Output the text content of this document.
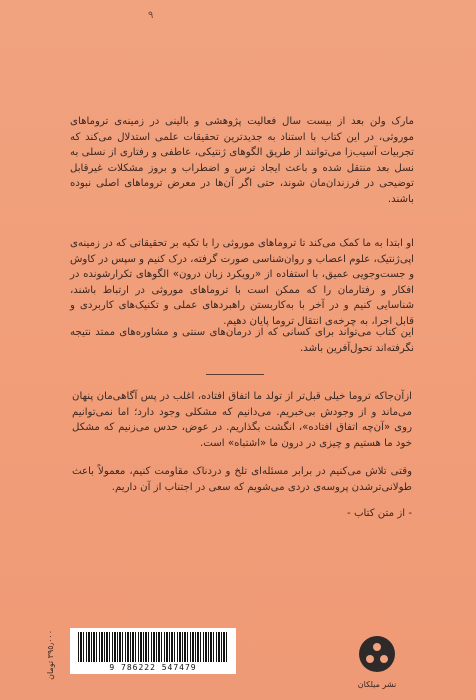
٩
مارک ولن بعد از بیست سال فعالیت پژوهشی و بالینی در زمینه‌ی تروماهای موروثی، در این کتاب با استناد به جدیدترین تحقیقات علمی استدلال می‌کند که تجربیات آسیب‌زا می‌توانند از طریق الگوهای ژنتیکی، عاطفی و رفتاری از نسلی به نسل بعد منتقل شده و باعث ایجاد ترس و اضطراب و بروز مشکلات غیرقابل توضیحی در فرزندان‌مان شوند، حتی اگر آن‌ها در معرض تروماهای اصلی نبوده باشند.
او ابتدا به ما کمک می‌کند تا تروماهای موروثی را با تکیه بر تحقیقاتی که در زمینه‌ی اپی‌ژنتیک، علوم اعصاب و روان‌شناسی صورت گرفته، درک کنیم و سپس در کاوش و جست‌وجویی عمیق، با استفاده از «رویکرد زبان درون» الگوهای تکرارشونده در افکار و رفتارمان را که ممکن است با تروماهای موروثی در ارتباط باشند، شناسایی کنیم و در آخر با به‌کاربستن راهبردهای عملی و تکنیک‌های کاربردی و قابل اجرا، به چرخه‌ی انتقال تروما پایان دهیم.
این کتاب می‌تواند برای کسانی که از درمان‌های سنتی و مشاوره‌های ممتد نتیجه نگرفته‌اند تحول‌آفرین باشد.
ازآن‌جاکه تروما خیلی قبل‌تر از تولد ما اتفاق افتاده، اغلب در پس آگاهی‌مان پنهان می‌ماند و از وجودش بی‌خبریم. می‌دانیم که مشکلی وجود دارد؛ اما نمی‌توانیم روی «آن‌چه اتفاق افتاده»، انگشت بگذاریم. در عوض، حدس می‌زنیم که مشکل خود ما هستیم و چیزی در درون ما «اشتباه» است.
وقتی تلاش می‌کنیم در برابر مسئله‌ای تلخ و دردناک مقاومت کنیم، معمولاً باعث طولانی‌ترشدن پروسه‌ی دردی می‌شویم که سعی در اجتناب از آن داریم.
- از متن کتاب -
٣٩٥٫٠٠٠ تومان
9 786222 547479
نشر میلکان
